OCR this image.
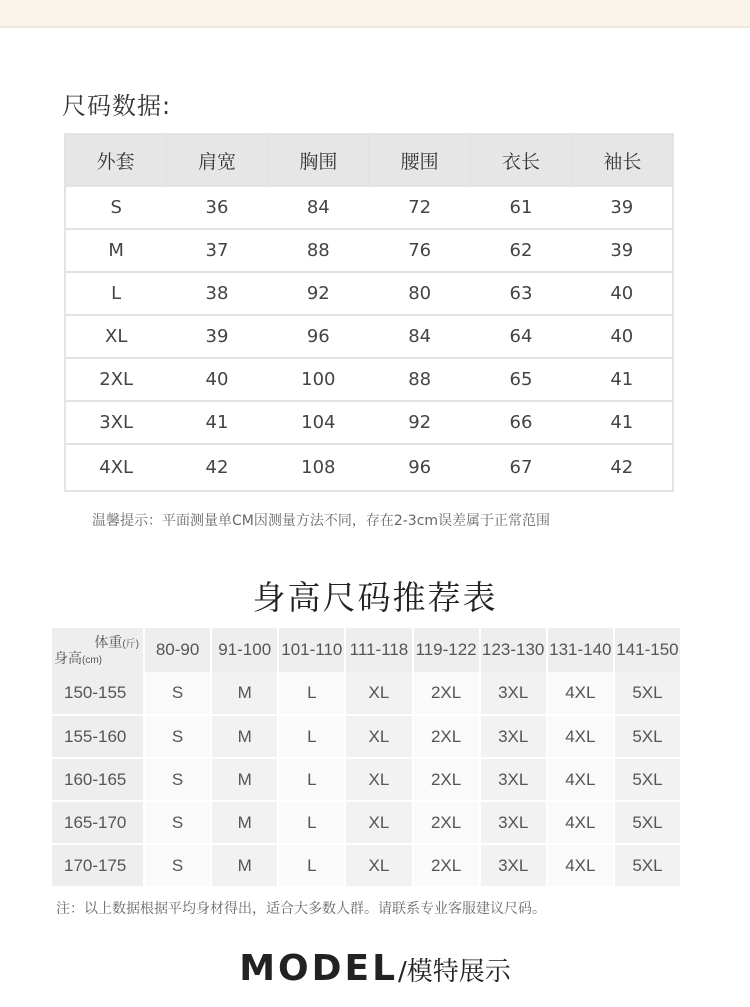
尺码数据:
外套	肩宽	胸围	腰围	衣长	袖长
S	36	84	72	61	39
M	37	88	76	62	39
L	38	92	80	63	40
XL	39	96	84	64	40
2XL	40	100	88	65	41
3XL	41	104	92	66	41
4XL	42	108	96	67	42
温馨提示：平面测量单CM因测量方法不同，存在2-3cm误差属于正常范围
身高尺码推荐表
体重(斤)
身高(cm)	80-90	91-100	101-110	111-118	119-122	123-130	131-140	141-150
150-155	S	M	L	XL	2XL	3XL	4XL	5XL
155-160	S	M	L	XL	2XL	3XL	4XL	5XL
160-165	S	M	L	XL	2XL	3XL	4XL	5XL
165-170	S	M	L	XL	2XL	3XL	4XL	5XL
170-175	S	M	L	XL	2XL	3XL	4XL	5XL
注：以上数据根据平均身材得出，适合大多数人群。请联系专业客服建议尺码。
MODEL/模特展示
